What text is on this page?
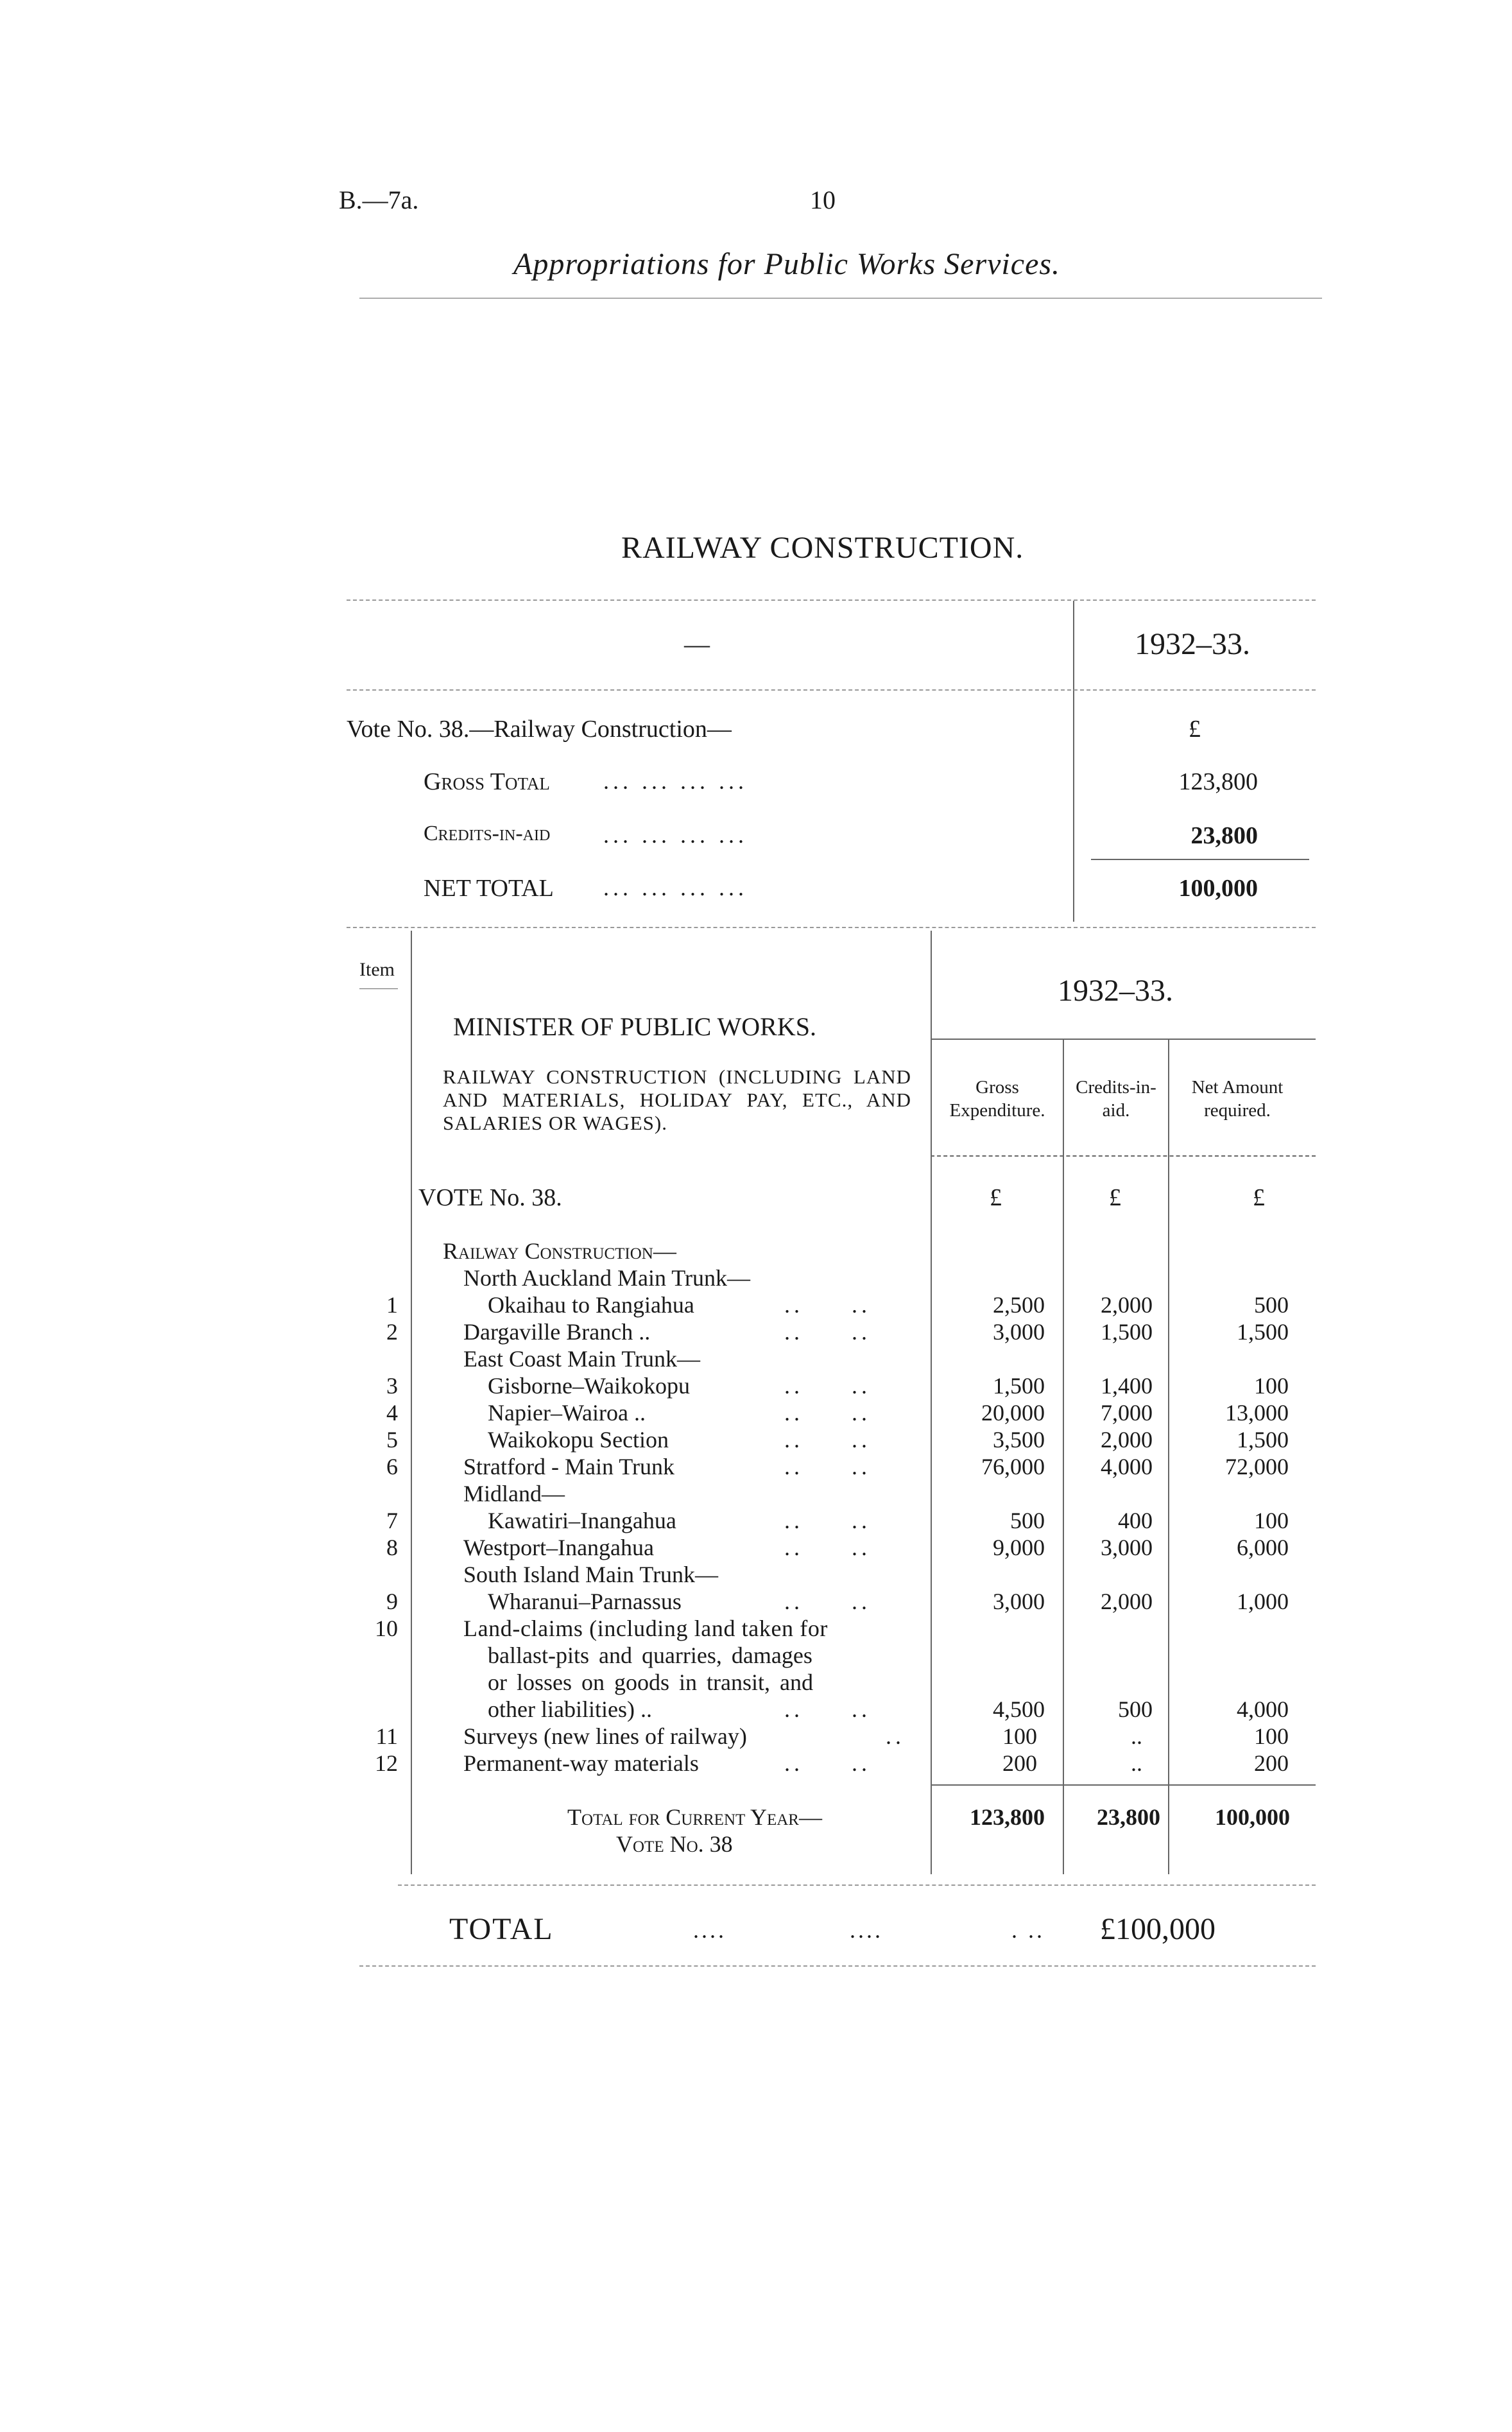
B.—7a.	10
Appropriations for Public Works Services.
RAILWAY CONSTRUCTION.
—	1932–33.
Vote No. 38.—Railway Construction—	£
Gross Total ... ... ... ...	123,800
Credits-in-aid ... ... ... ...	23,800
NET TOTAL ... ... ... ...	100,000
Item
1932–33.
MINISTER OF PUBLIC WORKS.
RAILWAY CONSTRUCTION (INCLUDING LAND AND MATERIALS, HOLIDAY PAY, ETC., AND SALARIES OR WAGES).
Gross Expenditure.
Credits-in-aid.
Net Amount required.
VOTE No. 38.	£	£	£
Railway Construction—
North Auckland Main Trunk—
1	Okaihau to Rangiahua	..     ..	2,500	2,000	500
2	Dargaville Branch ..	..     ..	3,000	1,500	1,500
East Coast Main Trunk—
3	Gisborne–Waikokopu	..     ..	1,500	1,400	100
4	Napier–Wairoa ..	..     ..	20,000	7,000	13,000
5	Waikokopu Section	..     ..	3,500	2,000	1,500
6	Stratford - Main Trunk	..     ..	76,000	4,000	72,000
Midland—
7	Kawatiri–Inangahua	..     ..	500	400	100
8	Westport–Inangahua	..     ..	9,000	3,000	6,000
South Island Main Trunk—
9	Wharanui–Parnassus	..     ..	3,000	2,000	1,000
10	Land-claims (including land taken for
ballast-pits and quarries, damages
or losses on goods in transit, and
other liabilities) ..	..     ..	4,500	500	4,000
11	Surveys (new lines of railway)	..	100	..	100
12	Permanent-way materials	..     ..	200	..	200
Total for Current Year—
Vote No. 38
123,800	23,800	100,000
TOTAL	....	....	. .. £100,000
